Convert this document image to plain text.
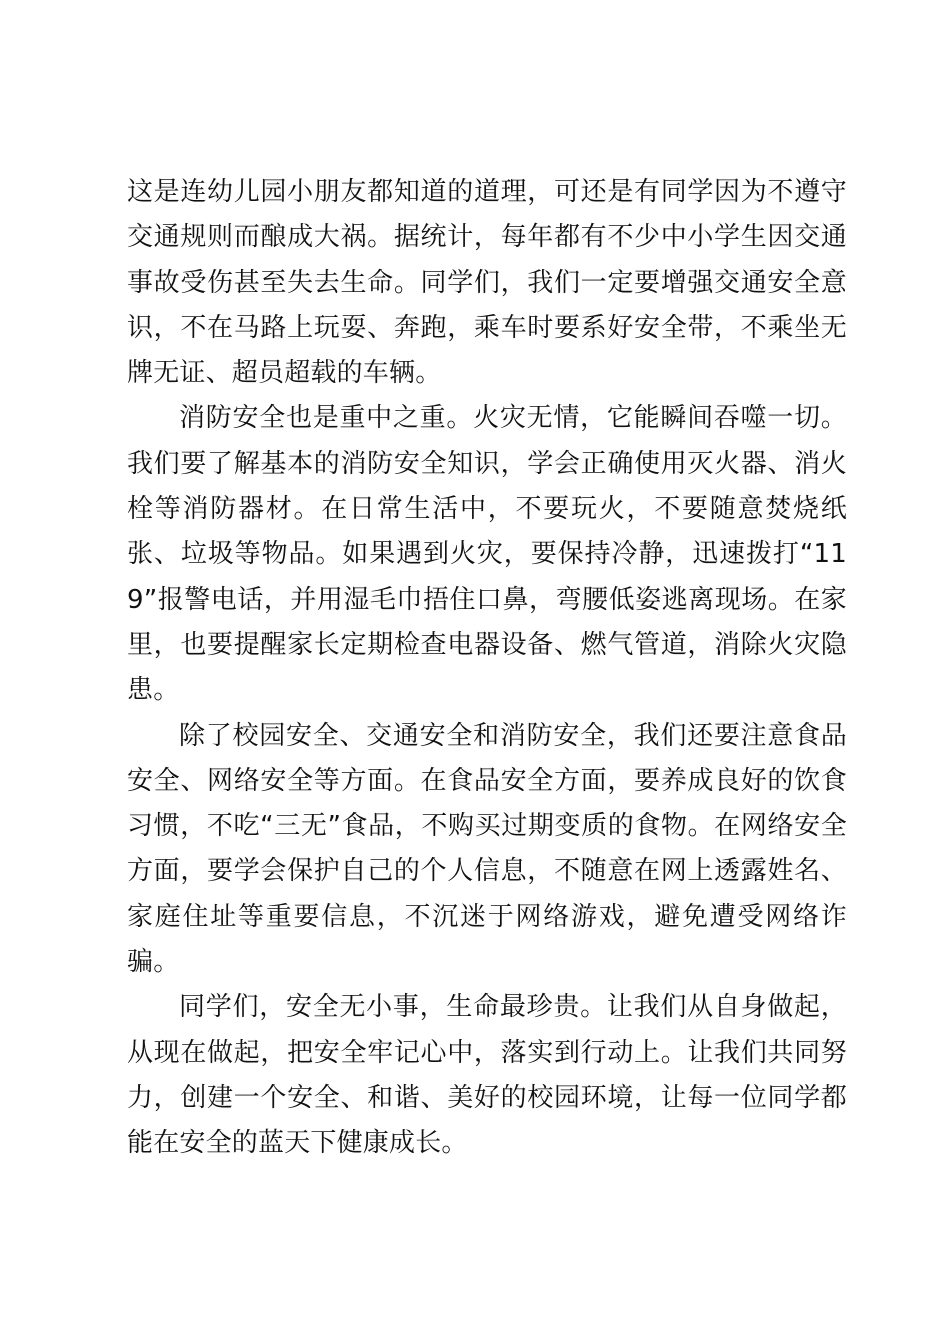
这是连幼儿园小朋友都知道的道理，可还是有同学因为不遵守交通规则而酿成大祸。据统计，每年都有不少中小学生因交通事故受伤甚至失去生命。同学们，我们一定要增强交通安全意识，不在马路上玩耍、奔跑，乘车时要系好安全带，不乘坐无牌无证、超员超载的车辆。

消防安全也是重中之重。火灾无情，它能瞬间吞噬一切。我们要了解基本的消防安全知识，学会正确使用灭火器、消火栓等消防器材。在日常生活中，不要玩火，不要随意焚烧纸张、垃圾等物品。如果遇到火灾，要保持冷静，迅速拨打“119”报警电话，并用湿毛巾捂住口鼻，弯腰低姿逃离现场。在家里，也要提醒家长定期检查电器设备、燃气管道，消除火灾隐患。

除了校园安全、交通安全和消防安全，我们还要注意食品安全、网络安全等方面。在食品安全方面，要养成良好的饮食习惯，不吃“三无”食品，不购买过期变质的食物。在网络安全方面，要学会保护自己的个人信息，不随意在网上透露姓名、家庭住址等重要信息，不沉迷于网络游戏，避免遭受网络诈骗。

同学们，安全无小事，生命最珍贵。让我们从自身做起，从现在做起，把安全牢记心中，落实到行动上。让我们共同努力，创建一个安全、和谐、美好的校园环境，让每一位同学都能在安全的蓝天下健康成长。
